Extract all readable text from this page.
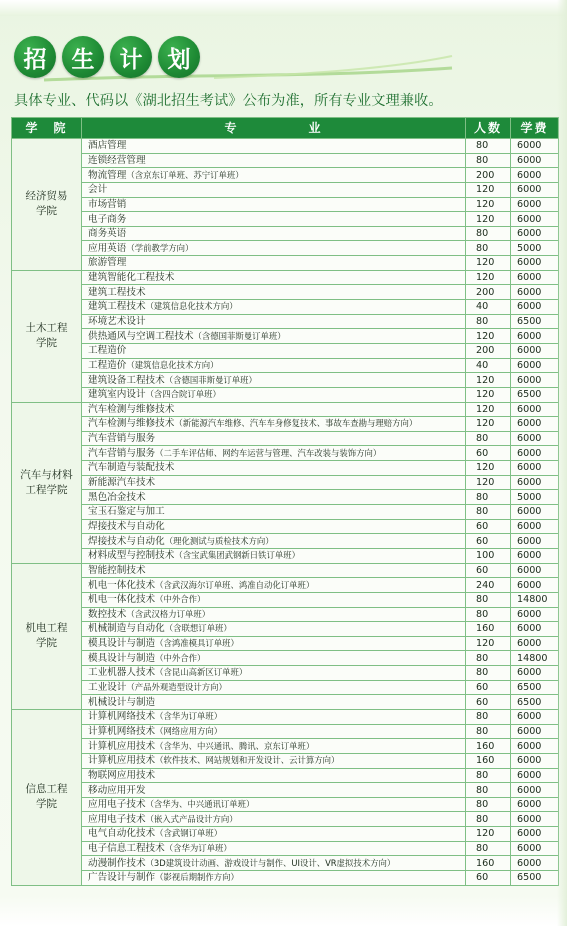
招	生	计	划
具体专业、代码以《湖北招生考试》公布为准，所有专业文理兼收。
学　院	专　　　　　业	人数	学费

经济贸易
学院	酒店管理	80	6000
	连锁经营管理	80	6000
	物流管理（含京东订单班、苏宁订单班）	200	6000
	会计	120	6000
	市场营销	120	6000
	电子商务	120	6000
	商务英语	80	6000
	应用英语（学前教学方向）	80	5000
	旅游管理	120	6000

土木工程
学院	建筑智能化工程技术	120	6000
	建筑工程技术	200	6000
	建筑工程技术（建筑信息化技术方向）	40	6000
	环境艺术设计	80	6500
	供热通风与空调工程技术（含德国菲斯曼订单班）	120	6000
	工程造价	200	6000
	工程造价（建筑信息化技术方向）	40	6000
	建筑设备工程技术（含德国菲斯曼订单班）	120	6000
	建筑室内设计（含四合院订单班）	120	6500

汽车与材料
工程学院	汽车检测与维修技术	120	6000
	汽车检测与维修技术（新能源汽车维修、汽车车身修复技术、事故车查勘与理赔方向）	120	6000
	汽车营销与服务	80	6000
	汽车营销与服务（二手车评估师、网约车运营与管理、汽车改装与装饰方向）	60	6000
	汽车制造与装配技术	120	6000
	新能源汽车技术	120	6000
	黑色冶金技术	80	5000
	宝玉石鉴定与加工	80	6000
	焊接技术与自动化	60	6000
	焊接技术与自动化（理化测试与质检技术方向）	60	6000
	材料成型与控制技术（含宝武集团武钢新日铁订单班）	100	6000

机电工程
学院	智能控制技术	60	6000
	机电一体化技术（含武汉海尔订单班、鸿准自动化订单班）	240	6000
	机电一体化技术（中外合作）	80	14800
	数控技术（含武汉格力订单班）	80	6000
	机械制造与自动化（含联想订单班）	160	6000
	模具设计与制造（含鸿准模具订单班）	120	6000
	模具设计与制造（中外合作）	80	14800
	工业机器人技术（含昆山高新区订单班）	80	6000
	工业设计（产品外观造型设计方向）	60	6500
	机械设计与制造	60	6500

信息工程
学院	计算机网络技术（含华为订单班）	80	6000
	计算机网络技术（网络应用方向）	80	6000
	计算机应用技术（含华为、中兴通讯、腾讯、京东订单班）	160	6000
	计算机应用技术（软件技术、网站规划和开发设计、云计算方向）	160	6000
	物联网应用技术	80	6000
	移动应用开发	80	6000
	应用电子技术（含华为、中兴通讯订单班）	80	6000
	应用电子技术（嵌入式产品设计方向）	80	6000
	电气自动化技术（含武钢订单班）	120	6000
	电子信息工程技术（含华为订单班）	80	6000
	动漫制作技术（3D建筑设计动画、游戏设计与制作、UI设计、VR虚拟技术方向）	160	6000
	广告设计与制作（影视后期制作方向）	60	6500
